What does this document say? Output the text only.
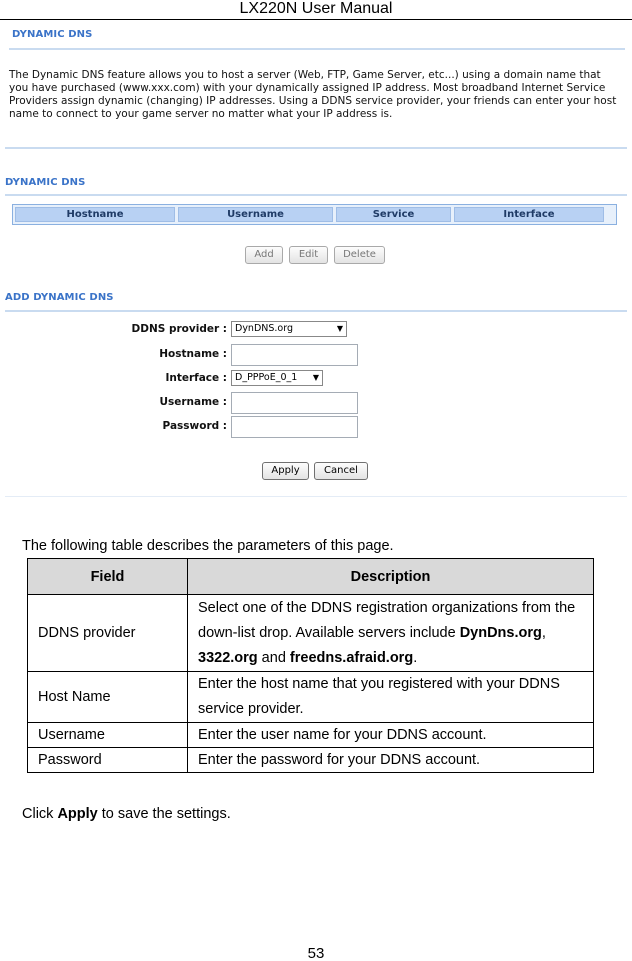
LX220N User Manual
DYNAMIC DNS
The Dynamic DNS feature allows you to host a server (Web, FTP, Game Server, etc...) using a domain name that you have purchased (www.xxx.com) with your dynamically assigned IP address. Most broadband Internet Service Providers assign dynamic (changing) IP addresses. Using a DDNS service provider, your friends can enter your host name to connect to your game server no matter what your IP address is.
DYNAMIC DNS
Hostname	Username	Service	Interface
Add	Edit	Delete
ADD DYNAMIC DNS
DDNS provider : DynDNS.org	▼
Hostname :
Interface : D_PPPoE_0_1 ▼
Username :
Password :
Apply	Cancel
The following table describes the parameters of this page.
Field	Description
DDNS provider	Select one of the DDNS registration organizations from the down-list drop. Available servers include DynDns.org, 3322.org and freedns.afraid.org.
Host Name	Enter the host name that you registered with your DDNS service provider.
Username	Enter the user name for your DDNS account.
Password	Enter the password for your DDNS account.
Click Apply to save the settings.
53
